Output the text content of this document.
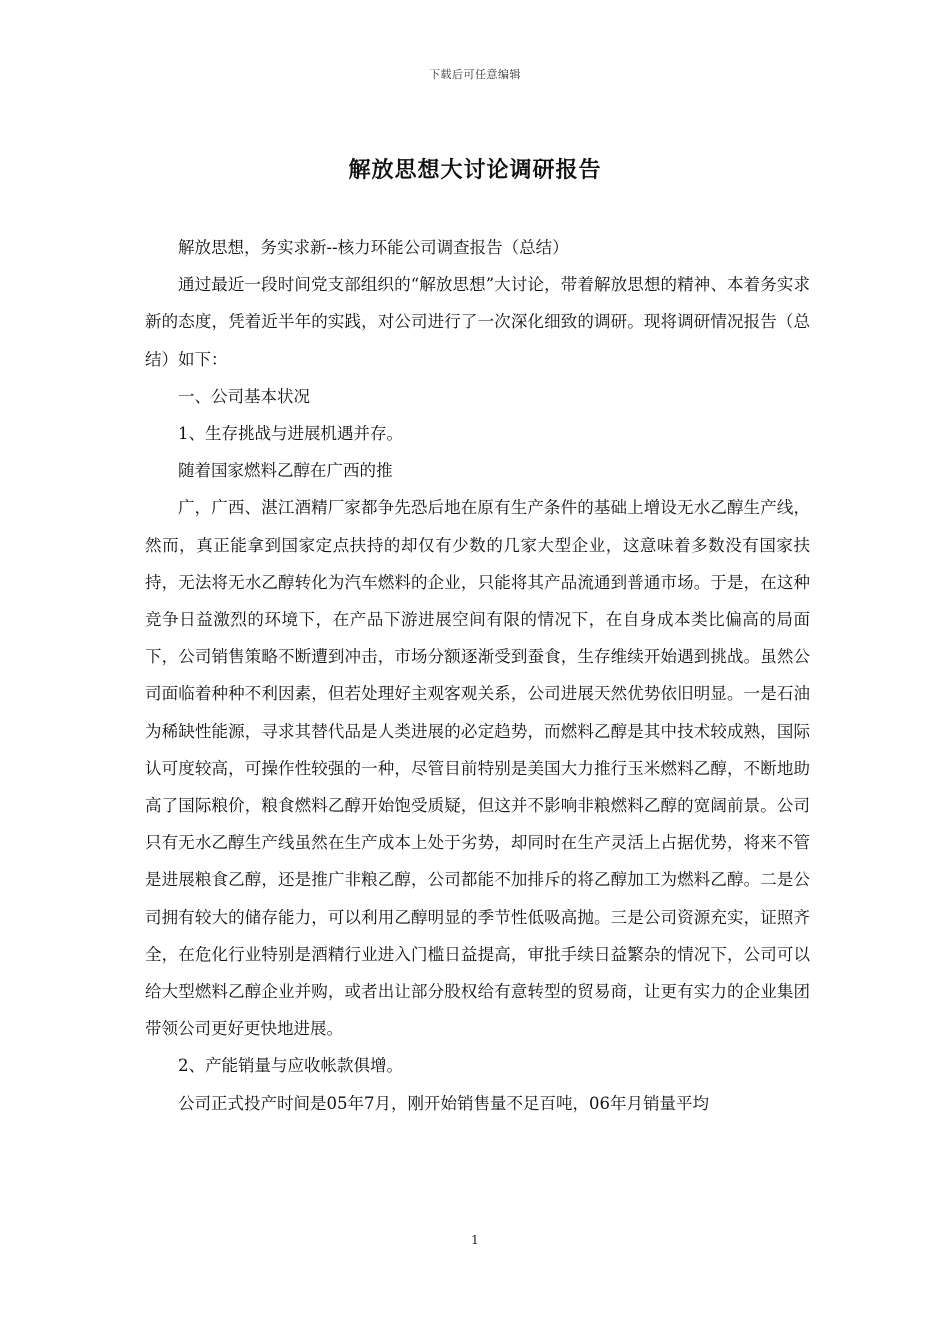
下载后可任意编辑
解放思想大讨论调研报告

解放思想，务实求新--核力环能公司调查报告（总结）

通过最近一段时间党支部组织的“解放思想”大讨论，带着解放思想的精神、本着务实求新的态度，凭着近半年的实践，对公司进行了一次深化细致的调研。现将调研情况报告（总结）如下：

一、公司基本状况

1、生存挑战与进展机遇并存。

随着国家燃料乙醇在广西的推

广，广西、湛江酒精厂家都争先恐后地在原有生产条件的基础上增设无水乙醇生产线，然而，真正能拿到国家定点扶持的却仅有少数的几家大型企业，这意味着多数没有国家扶持，无法将无水乙醇转化为汽车燃料的企业，只能将其产品流通到普通市场。于是，在这种竞争日益激烈的环境下，在产品下游进展空间有限的情况下，在自身成本类比偏高的局面下，公司销售策略不断遭到冲击，市场分额逐渐受到蚕食，生存维续开始遇到挑战。虽然公司面临着种种不利因素，但若处理好主观客观关系，公司进展天然优势依旧明显。一是石油为稀缺性能源，寻求其替代品是人类进展的必定趋势，而燃料乙醇是其中技术较成熟，国际认可度较高，可操作性较强的一种，尽管目前特别是美国大力推行玉米燃料乙醇，不断地助高了国际粮价，粮食燃料乙醇开始饱受质疑，但这并不影响非粮燃料乙醇的宽阔前景。公司只有无水乙醇生产线虽然在生产成本上处于劣势，却同时在生产灵活上占据优势，将来不管是进展粮食乙醇，还是推广非粮乙醇，公司都能不加排斥的将乙醇加工为燃料乙醇。二是公司拥有较大的储存能力，可以利用乙醇明显的季节性低吸高抛。三是公司资源充实，证照齐全，在危化行业特别是酒精行业进入门槛日益提高，审批手续日益繁杂的情况下，公司可以给大型燃料乙醇企业并购，或者出让部分股权给有意转型的贸易商，让更有实力的企业集团带领公司更好更快地进展。

2、产能销量与应收帐款俱增。

公司正式投产时间是05年7月，刚开始销售量不足百吨，06年月销量平均

1
